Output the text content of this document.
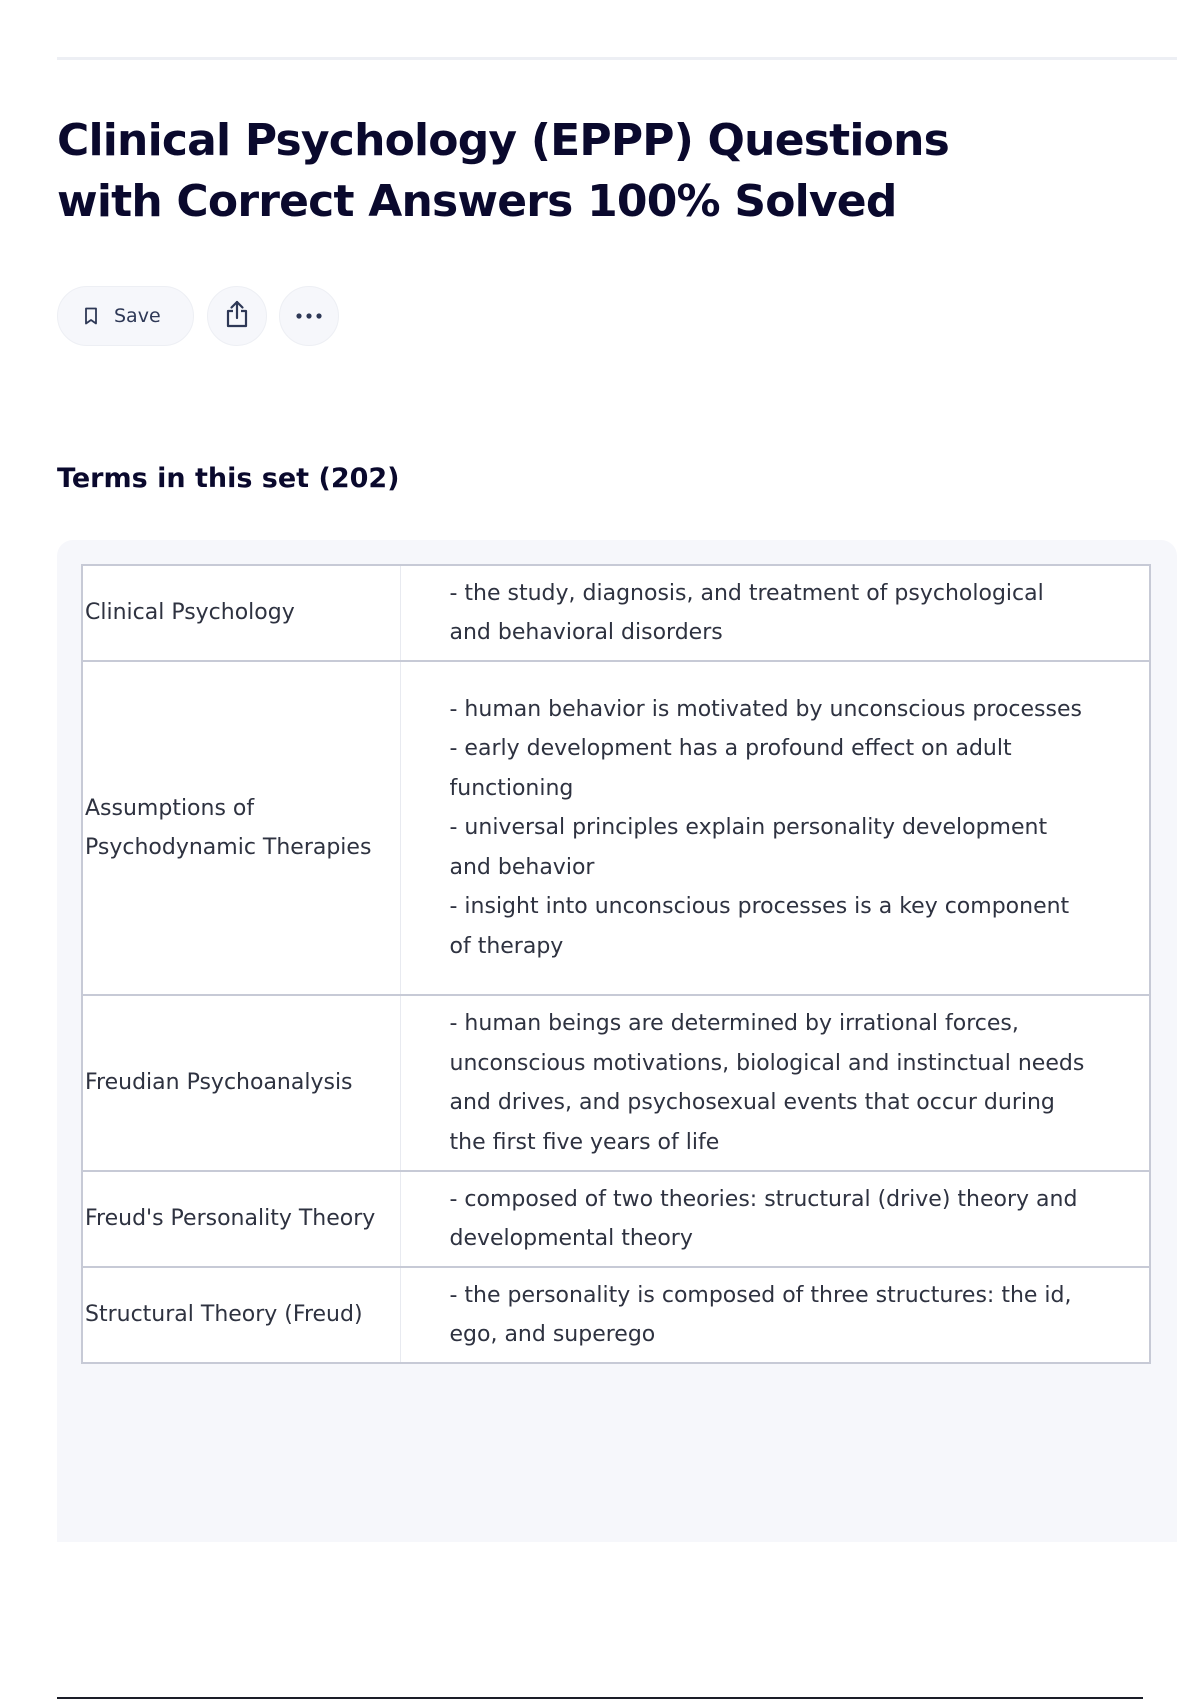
Clinical Psychology (EPPP) Questions with Correct Answers 100% Solved
Save
Terms in this set (202)
Clinical Psychology	- the study, diagnosis, and treatment of psychological and behavioral disorders
Assumptions of Psychodynamic Therapies	- human behavior is motivated by unconscious processes
- early development has a profound effect on adult functioning
- universal principles explain personality development and behavior
- insight into unconscious processes is a key component of therapy
Freudian Psychoanalysis	- human beings are determined by irrational forces, unconscious motivations, biological and instinctual needs and drives, and psychosexual events that occur during the first five years of life
Freud's Personality Theory	- composed of two theories: structural (drive) theory and developmental theory
Structural Theory (Freud)	- the personality is composed of three structures: the id, ego, and superego
